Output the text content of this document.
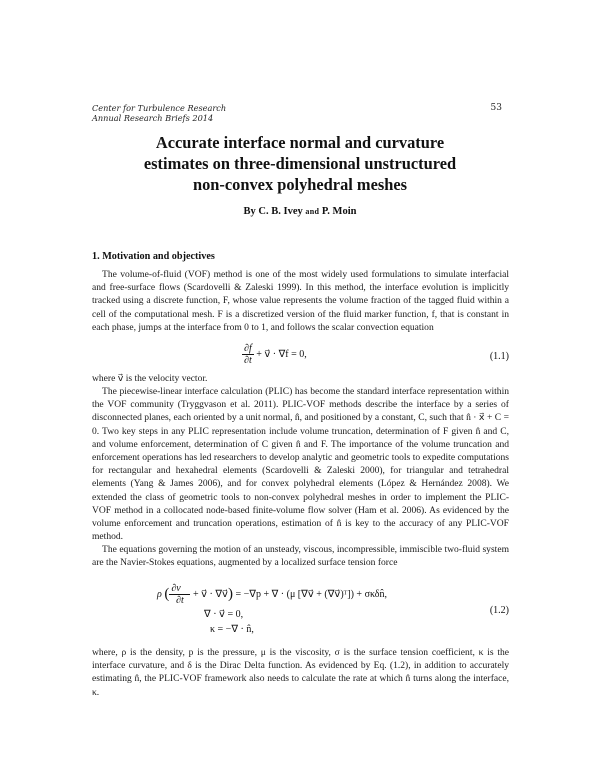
Center for Turbulence Research
Annual Research Briefs 2014
53
Accurate interface normal and curvature
estimates on three-dimensional unstructured
non-convex polyhedral meshes
By C. B. Ivey and P. Moin
1. Motivation and objectives

The volume-of-fluid (VOF) method is one of the most widely used formulations to simulate interfacial and free-surface flows (Scardovelli & Zaleski 1999). In this method, the interface evolution is implicitly tracked using a discrete function, F, whose value represents the volume fraction of the tagged fluid within a cell of the computational mesh. F is a discretized version of the fluid marker function, f, that is constant in each phase, jumps at the interface from 0 to 1, and follows the scalar convection equation

$\frac{\partial f}{\partial t}$ + v⃗ · ∇f = 0,	(1.1)

where v⃗ is the velocity vector.

The piecewise-linear interface calculation (PLIC) has become the standard interface representation within the VOF community (Tryggvason et al. 2011). PLIC-VOF methods describe the interface by a series of disconnected planes, each oriented by a unit normal, n̂, and positioned by a constant, C, such that n̂ · x⃗ + C = 0. Two key steps in any PLIC representation include volume truncation, determination of F given n̂ and C, and volume enforcement, determination of C given n̂ and F. The importance of the volume truncation and enforcement operations has led researchers to develop analytic and geometric tools to expedite computations for rectangular and hexahedral elements (Scardovelli & Zaleski 2000), for triangular and tetrahedral elements (Yang & James 2006), and for convex polyhedral elements (López & Hernández 2008). We extended the class of geometric tools to non-convex polyhedral meshes in order to implement the PLIC-VOF method in a collocated node-based finite-volume flow solver (Ham et al. 2006). As evidenced by the volume enforcement and truncation operations, estimation of n̂ is key to the accuracy of any PLIC-VOF method.

The equations governing the motion of an unsteady, viscous, incompressible, immiscible two-fluid system are the Navier-Stokes equations, augmented by a localized surface tension force

ρ ( $\frac{\partial v⃗}{\partial t}$ + v⃗ · ∇v⃗) = −∇p + ∇ · (μ [∇v⃗ + (∇v⃗)ᵀ]) + σκδn̂,
∇ · v⃗ = 0,
κ = −∇ · n̂,
(1.2)

where, ρ is the density, p is the pressure, μ is the viscosity, σ is the surface tension coefficient, κ is the interface curvature, and δ is the Dirac Delta function. As evidenced by Eq. (1.2), in addition to accurately estimating n̂, the PLIC-VOF framework also needs to calculate the rate at which n̂ turns along the interface, κ.
